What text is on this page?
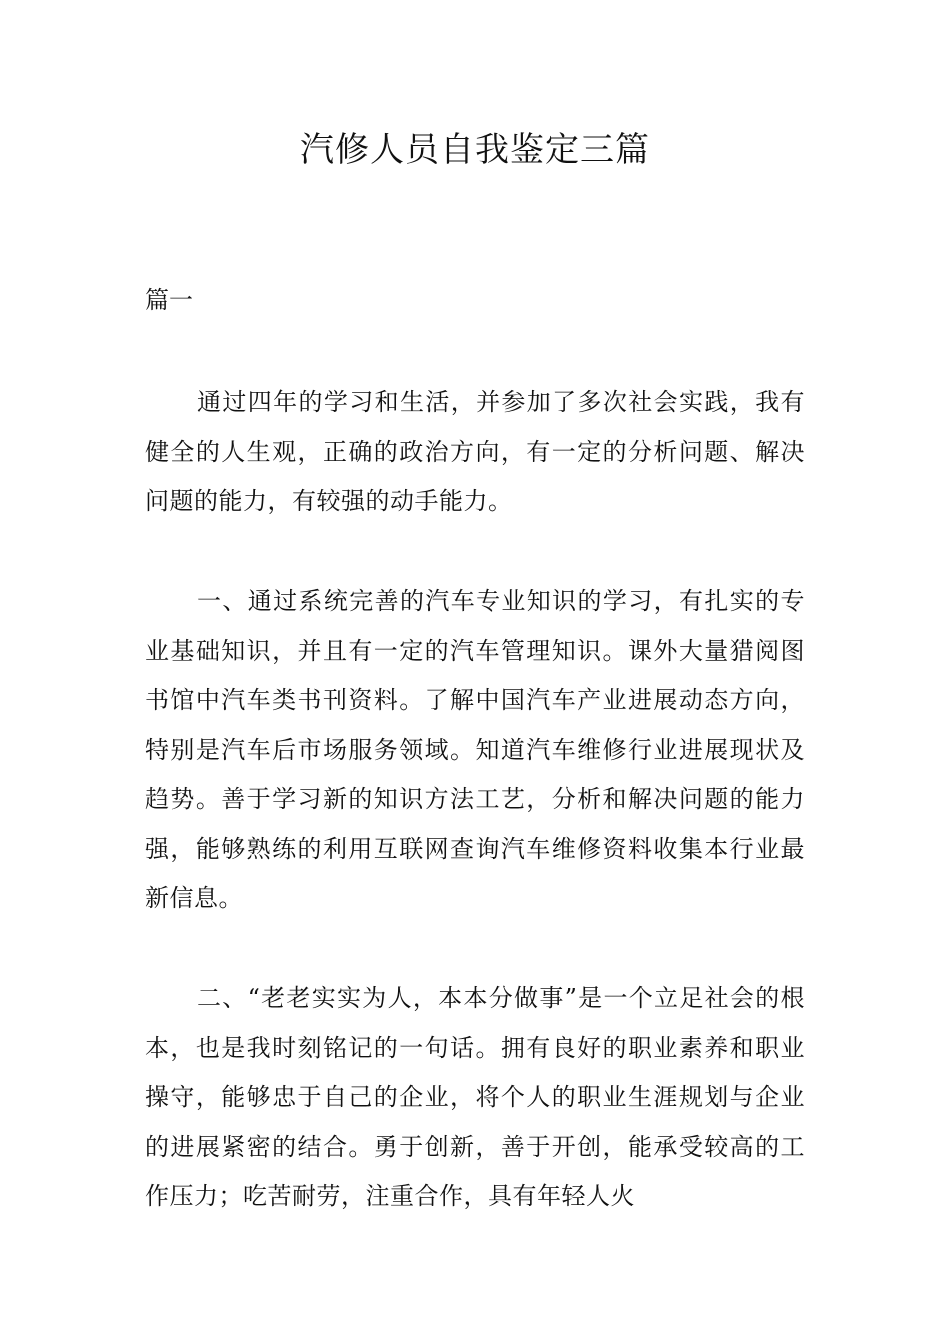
汽修人员自我鉴定三篇

篇一

通过四年的学习和生活，并参加了多次社会实践，我有健全的人生观，正确的政治方向，有一定的分析问题、解决问题的能力，有较强的动手能力。

一、通过系统完善的汽车专业知识的学习，有扎实的专业基础知识，并且有一定的汽车管理知识。课外大量猎阅图书馆中汽车类书刊资料。了解中国汽车产业进展动态方向，特别是汽车后市场服务领域。知道汽车维修行业进展现状及趋势。善于学习新的知识方法工艺，分析和解决问题的能力强，能够熟练的利用互联网查询汽车维修资料收集本行业最新信息。

二、“老老实实为人，本本分做事”是一个立足社会的根本，也是我时刻铭记的一句话。拥有良好的职业素养和职业操守，能够忠于自己的企业，将个人的职业生涯规划与企业的进展紧密的结合。勇于创新，善于开创，能承受较高的工作压力；吃苦耐劳，注重合作，具有年轻人火
